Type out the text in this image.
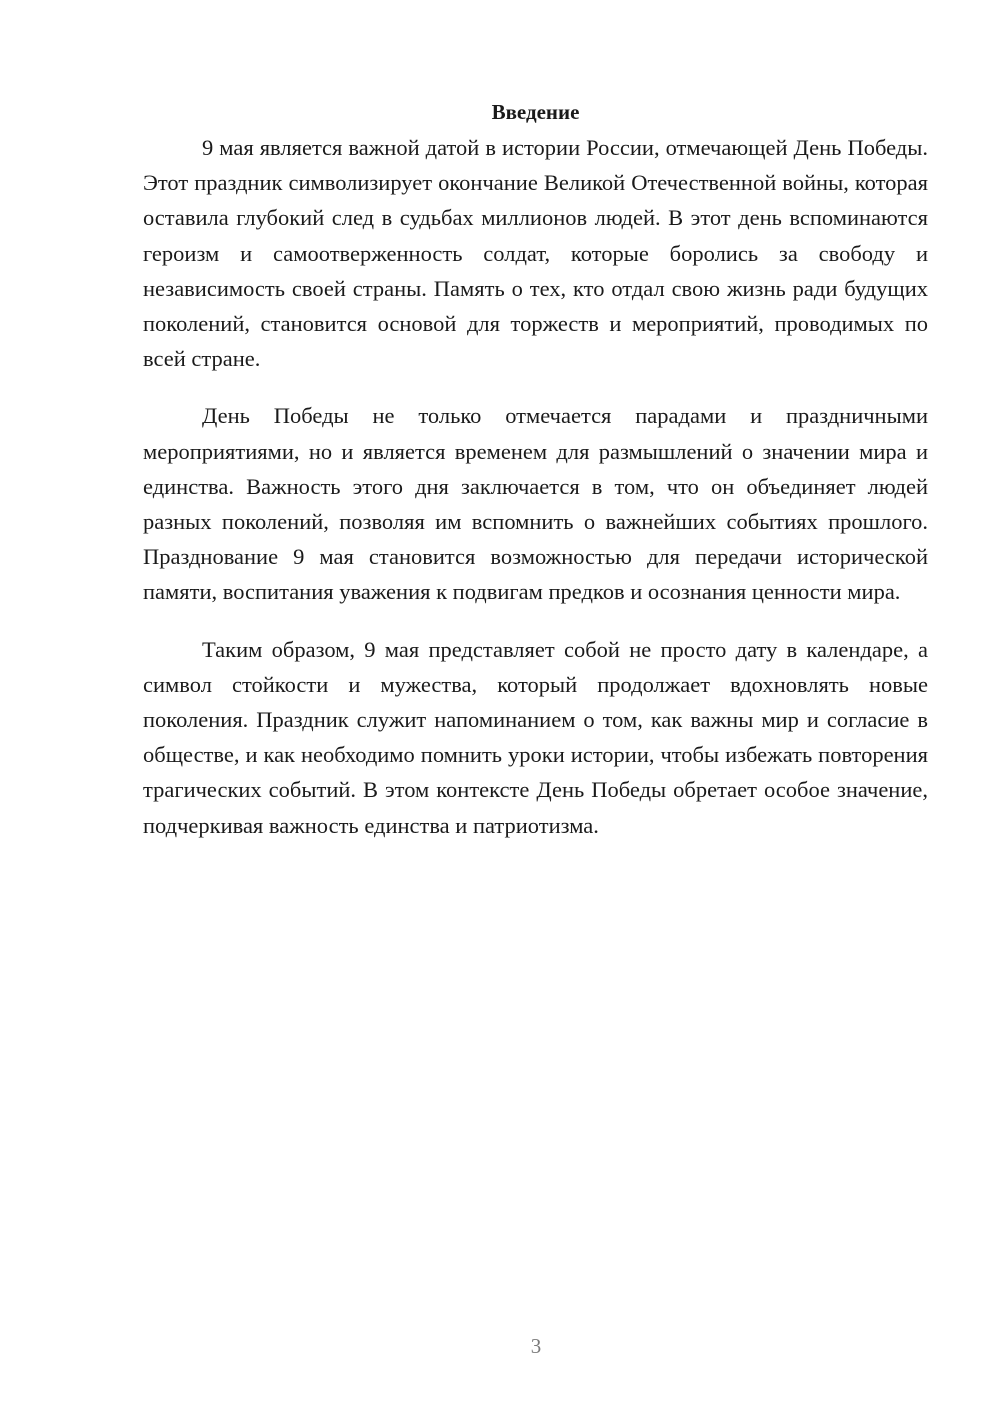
Введение

9 мая является важной датой в истории России, отмечающей День Победы. Этот праздник символизирует окончание Великой Отечественной войны, которая оставила глубокий след в судьбах миллионов людей. В этот день вспоминаются героизм и самоотверженность солдат, которые боролись за свободу и независимость своей страны. Память о тех, кто отдал свою жизнь ради будущих поколений, становится основой для торжеств и мероприятий, проводимых по всей стране.

День Победы не только отмечается парадами и праздничными мероприятиями, но и является временем для размышлений о значении мира и единства. Важность этого дня заключается в том, что он объединяет людей разных поколений, позволяя им вспомнить о важнейших событиях прошлого. Празднование 9 мая становится возможностью для передачи исторической памяти, воспитания уважения к подвигам предков и осознания ценности мира.

Таким образом, 9 мая представляет собой не просто дату в календаре, а символ стойкости и мужества, который продолжает вдохновлять новые поколения. Праздник служит напоминанием о том, как важны мир и согласие в обществе, и как необходимо помнить уроки истории, чтобы избежать повторения трагических событий. В этом контексте День Победы обретает особое значение, подчеркивая важность единства и патриотизма.

3
